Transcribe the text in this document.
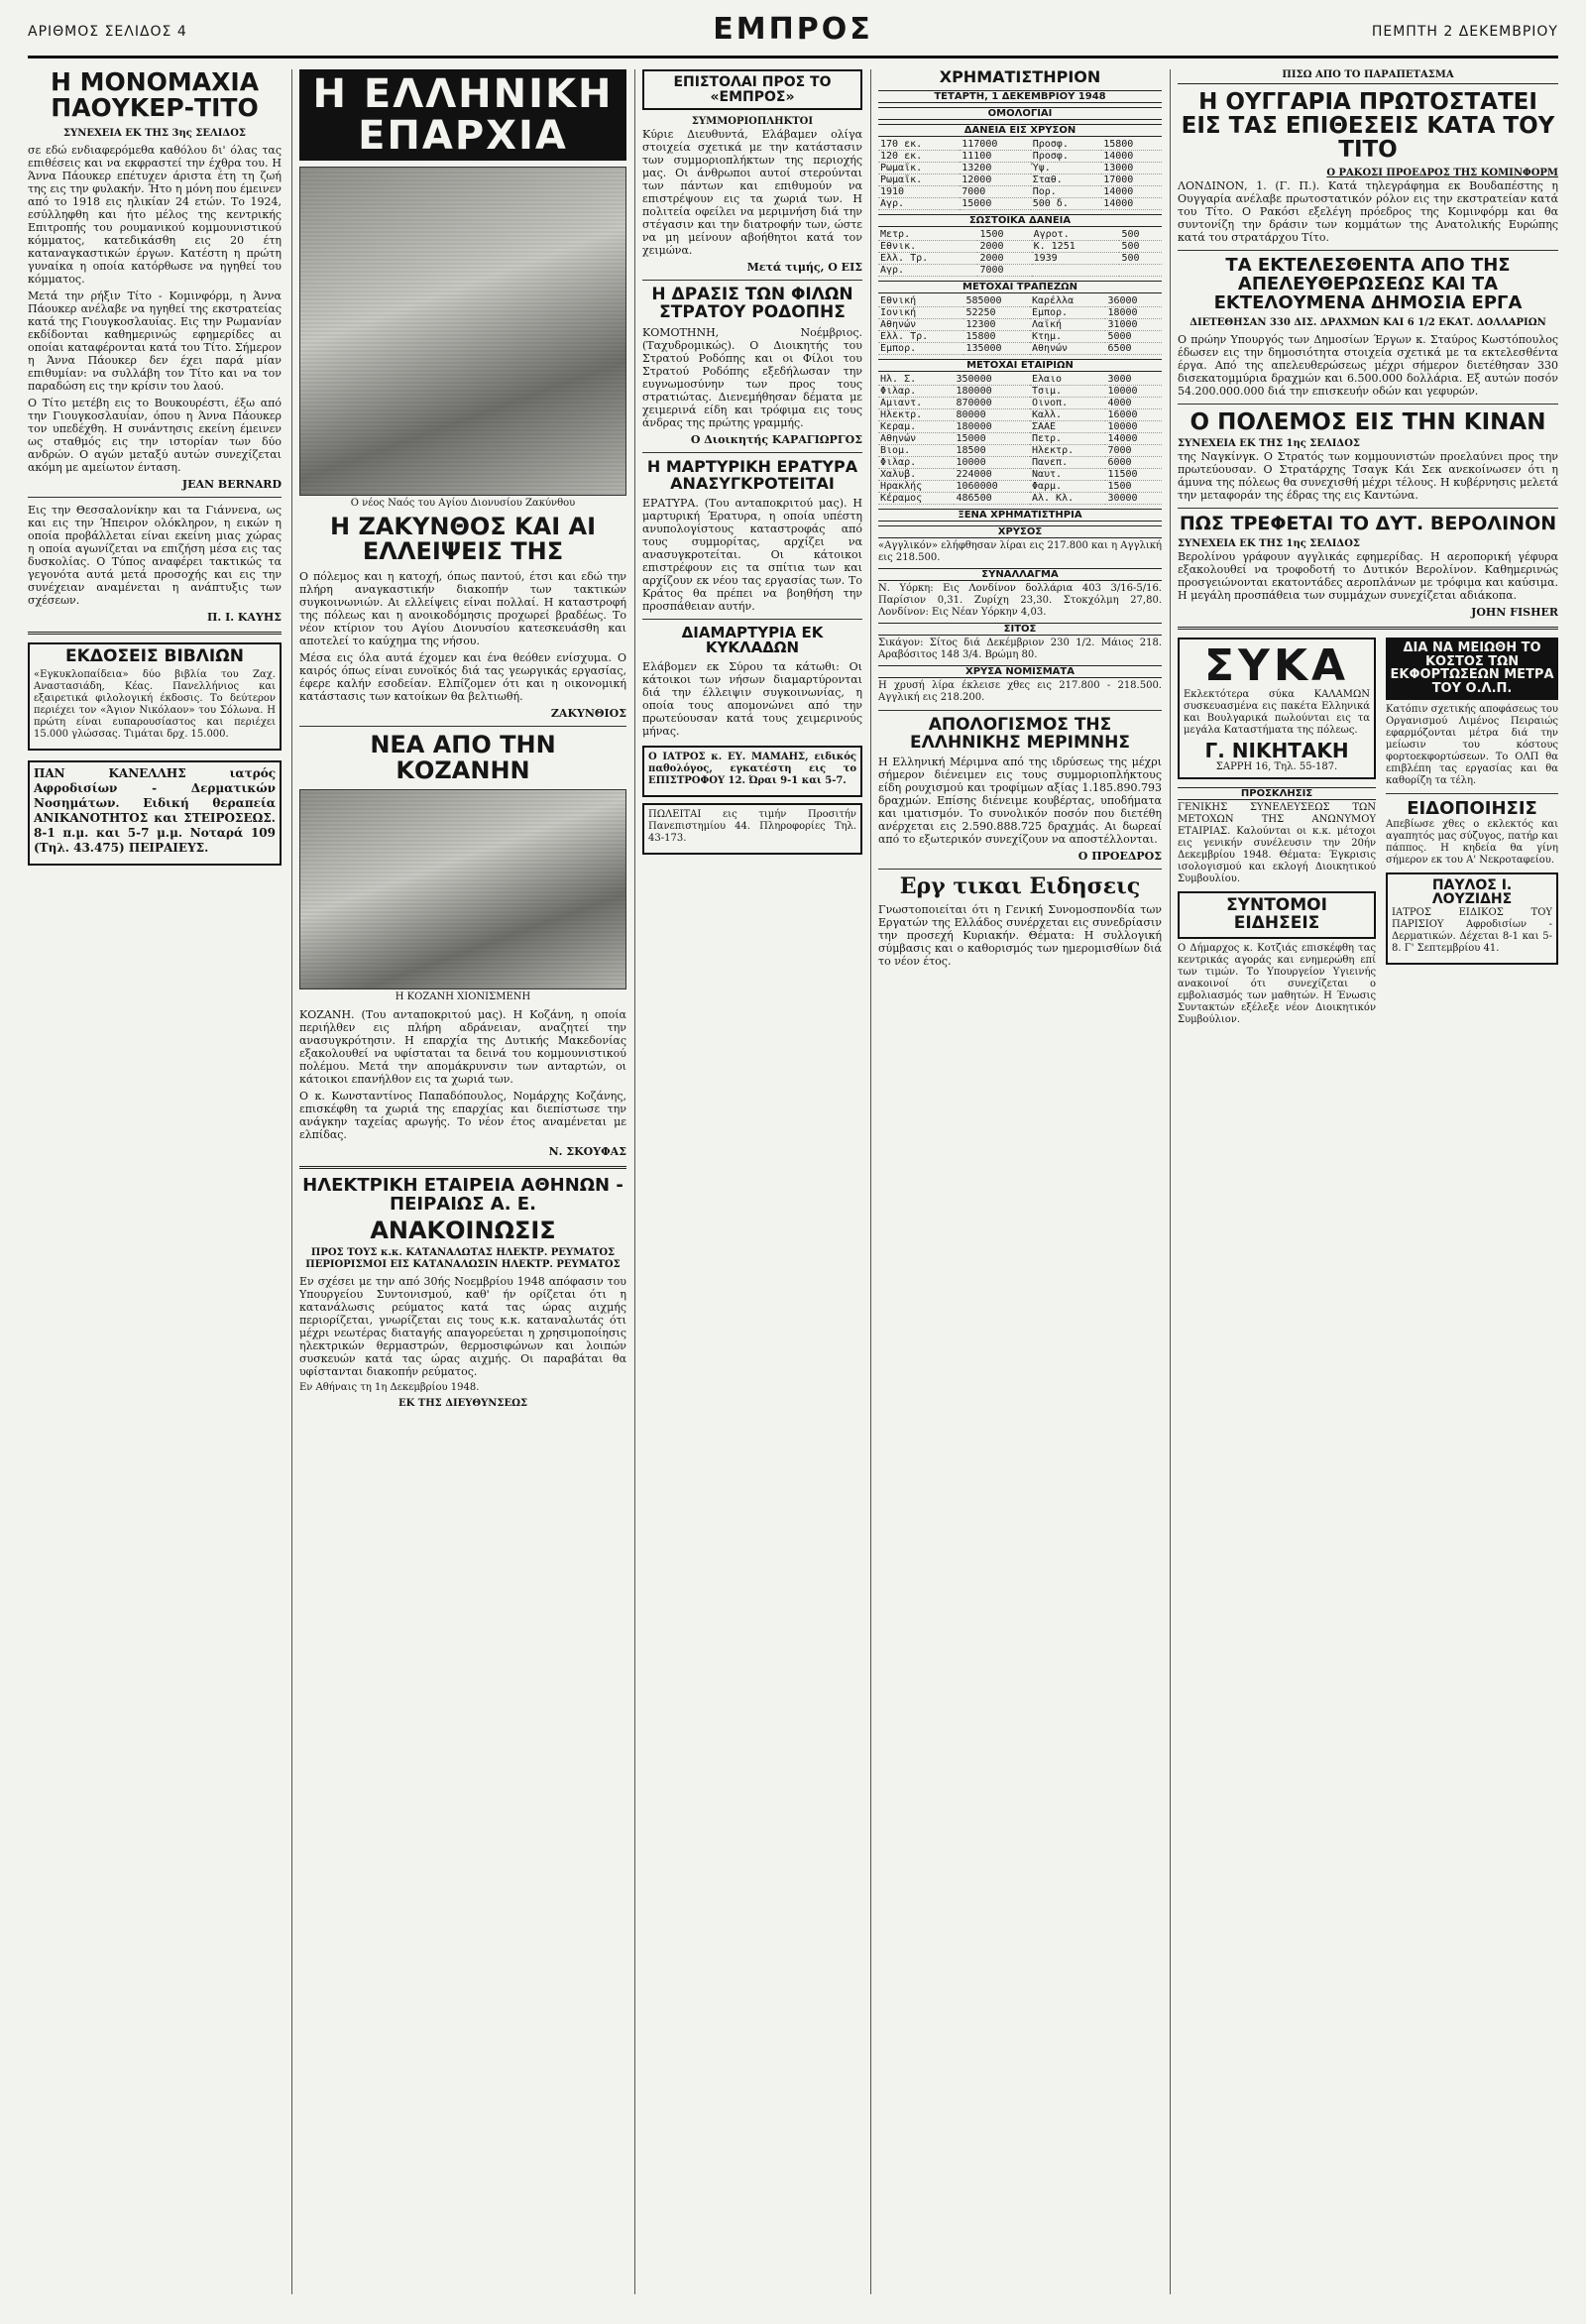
ΑΡΙΘΜΟΣ ΣΕΛΙΔΟΣ 4	ΕΜΠΡΟΣ	ΠΕΜΠΤΗ 2 ΔΕΚΕΜΒΡΙΟΥ
Η ΜΟΝΟΜΑΧΙΑ ΠΑΟΥΚΕΡ-ΤΙΤΟ
ΣΥΝΕΧΕΙΑ ΕΚ ΤΗΣ 3ης ΣΕΛΙΔΟΣ

σε εδώ ενδιαφερόμεθα καθόλου δι' όλας τας επιθέσεις και να εκφραστεί την έχθρα του. Η Άννα Πάουκερ επέτυχεν άριστα έτη τη ζωή της εις την φυλακήν. Ήτο η μόνη που έμεινεν από το 1918 εις ηλικίαν 24 ετών. Το 1924, εσύλληφθη και ήτο μέλος της κεντρικής Επιτροπής του ρουμανικού κομμουνιστικού κόμματος, κατεδικάσθη εις 20 έτη καταναγκαστικών έργων. Κατέστη η πρώτη γυναίκα η οποία κατόρθωσε να ηγηθεί του κόμματος.

Μετά την ρήξιν Τίτο - Κομινφόρμ, η Άννα Πάουκερ ανέλαβε να ηγηθεί της εκστρατείας κατά της Γιουγκοσλαυίας. Εις την Ρωμανίαν εκδίδονται καθημερινώς εφημερίδες αι οποίαι καταφέρονται κατά του Τίτο. Σήμερον η Άννα Πάουκερ δεν έχει παρά μίαν επιθυμίαν: να συλλάβη τον Τίτο και να τον παραδώση εις την κρίσιν του λαού.

Ο Τίτο μετέβη εις το Βουκουρέστι, έξω από την Γιουγκοσλαυίαν, όπου η Άννα Πάουκερ τον υπεδέχθη. Η συνάντησις εκείνη έμεινεν ως σταθμός εις την ιστορίαν των δύο ανδρών. Ο αγών μεταξύ αυτών συνεχίζεται ακόμη με αμείωτον ένταση.

JEAN BERNARD

Εις την Θεσσαλονίκην και τα Γιάννενα, ως και εις την Ήπειρον ολόκληρον, η εικών η οποία προβάλλεται είναι εκείνη μιας χώρας η οποία αγωνίζεται να επιζήση μέσα εις τας δυσκολίας. Ο Τύπος αναφέρει τακτικώς τα γεγονότα αυτά μετά προσοχής και εις την συνέχειαν αναμένεται η ανάπτυξις των σχέσεων.

Π. Ι. ΚΑΥΗΣ
ΕΚΔΟΣΕΙΣ ΒΙΒΛΙΩΝ

«Εγκυκλοπαίδεια» δύο βιβλία του Ζαχ. Αναστασιάδη, Κέας. Πανελλήνιος και εξαιρετικά φιλολογική έκδοσις. Το δεύτερον περιέχει τον «Άγιον Νικόλαον» του Σόλωνα. Η πρώτη είναι ευπαρουσίαστος και περιέχει 15.000 γλώσσας. Τιμάται δρχ. 15.000.

ΠΑΝ ΚΑΝΕΛΛΗΣ ιατρός Αφροδισίων - Δερματικών Νοσημάτων. Ειδική θεραπεία ΑΝΙΚΑΝΟΤΗΤΟΣ και ΣΤΕΙΡΟΣΕΩΣ. 8-1 π.μ. και 5-7 μ.μ. Νοταρά 109 (Τηλ. 43.475) ΠΕΙΡΑΙΕΥΣ.

Η ΕΛΛΗΝΙΚΗ ΕΠΑΡΧΙΑ
Ο νέος Ναός του Αγίου Διονυσίου Ζακύνθου
Η ΖΑΚΥΝΘΟΣ ΚΑΙ ΑΙ ΕΛΛΕΙΨΕΙΣ ΤΗΣ

Ο πόλεμος και η κατοχή, όπως παντού, έτσι και εδώ την πλήρη αναγκαστικήν διακοπήν των τακτικών συγκοινωνιών. Αι ελλείψεις είναι πολλαί. Η καταστροφή της πόλεως και η ανοικοδόμησις προχωρεί βραδέως. Το νέον κτίριον του Αγίου Διονυσίου κατεσκευάσθη και αποτελεί το καύχημα της νήσου.

Μέσα εις όλα αυτά έχομεν και ένα θεόθεν ενίσχυμα. Ο καιρός όπως είναι ευνοϊκός διά τας γεωργικάς εργασίας, έφερε καλήν εσοδείαν. Ελπίζομεν ότι και η οικονομική κατάστασις των κατοίκων θα βελτιωθή.

ΖΑΚΥΝΘΙΟΣ
ΝΕΑ ΑΠΟ ΤΗΝ ΚΟΖΑΝΗΝ
Η ΚΟΖΑΝΗ ΧΙΟΝΙΣΜΕΝΗ

ΚΟΖΑΝΗ. (Του ανταποκριτού μας). Η Κοζάνη, η οποία περιήλθεν εις πλήρη αδράνειαν, αναζητεί την ανασυγκρότησιν. Η επαρχία της Δυτικής Μακεδονίας εξακολουθεί να υφίσταται τα δεινά του κομμουνιστικού πολέμου. Μετά την απομάκρυνσιν των ανταρτών, οι κάτοικοι επανήλθον εις τα χωριά των.

Ο κ. Κωνσταντίνος Παπαδόπουλος, Νομάρχης Κοζάνης, επισκέφθη τα χωριά της επαρχίας και διεπίστωσε την ανάγκην ταχείας αρωγής. Το νέον έτος αναμένεται με ελπίδας.

Ν. ΣΚΟΥΦΑΣ
ΗΛΕΚΤΡΙΚΗ ΕΤΑΙΡΕΙΑ ΑΘΗΝΩΝ - ΠΕΙΡΑΙΩΣ Α. Ε.
ΑΝΑΚΟΙΝΩΣΙΣ
ΠΡΟΣ ΤΟΥΣ κ.κ. ΚΑΤΑΝΑΛΩΤΑΣ ΗΛΕΚΤΡ. ΡΕΥΜΑΤΟΣ
ΠΕΡΙΟΡΙΣΜΟΙ ΕΙΣ ΚΑΤΑΝΑΛΩΣΙΝ ΗΛΕΚΤΡ. ΡΕΥΜΑΤΟΣ

Εν σχέσει με την από 30ής Νοεμβρίου 1948 απόφασιν του Υπουργείου Συντονισμού, καθ' ήν ορίζεται ότι η κατανάλωσις ρεύματος κατά τας ώρας αιχμής περιορίζεται, γνωρίζεται εις τους κ.κ. καταναλωτάς ότι μέχρι νεωτέρας διαταγής απαγορεύεται η χρησιμοποίησις ηλεκτρικών θερμαστρών, θερμοσιφώνων και λοιπών συσκευών κατά τας ώρας αιχμής. Οι παραβάται θα υφίστανται διακοπήν ρεύματος.

Εν Αθήναις τη 1η Δεκεμβρίου 1948.
ΕΚ ΤΗΣ ΔΙΕΥΘΥΝΣΕΩΣ
ΕΠΙΣΤΟΛΑΙ ΠΡΟΣ ΤΟ «ΕΜΠΡΟΣ»
ΣΥΜΜΟΡΙΟΠΛΗΚΤΟΙ

Κύριε Διευθυντά, Ελάβαμεν ολίγα στοιχεία σχετικά με την κατάστασιν των συμμοριοπλήκτων της περιοχής μας. Οι άνθρωποι αυτοί στερούνται των πάντων και επιθυμούν να επιστρέψουν εις τα χωριά των. Η πολιτεία οφείλει να μεριμνήση διά την στέγασιν και την διατροφήν των, ώστε να μη μείνουν αβοήθητοι κατά τον χειμώνα.

Μετά τιμής, Ο ΕΙΣ
Η ΔΡΑΣΙΣ ΤΩΝ ΦΙΛΩΝ ΣΤΡΑΤΟΥ ΡΟΔΟΠΗΣ

ΚΟΜΟΤΗΝΗ, Νοέμβριος. (Ταχυδρομικώς). Ο Διοικητής του Στρατού Ροδόπης και οι Φίλοι του Στρατού Ροδόπης εξεδήλωσαν την ευγνωμοσύνην των προς τους στρατιώτας. Διενεμήθησαν δέματα με χειμερινά είδη και τρόφιμα εις τους άνδρας της πρώτης γραμμής.

Ο Διοικητής ΚΑΡΑΓΙΩΡΓΟΣ
Η ΜΑΡΤΥΡΙΚΗ ΕΡΑΤΥΡΑ ΑΝΑΣΥΓΚΡΟΤΕΙΤΑΙ

ΕΡΑΤΥΡΑ. (Του ανταποκριτού μας). Η μαρτυρική Έρατυρα, η οποία υπέστη ανυπολογίστους καταστροφάς από τους συμμορίτας, αρχίζει να ανασυγκροτείται. Οι κάτοικοι επιστρέφουν εις τα σπίτια των και αρχίζουν εκ νέου τας εργασίας των. Το Κράτος θα πρέπει να βοηθήση την προσπάθειαν αυτήν.

ΔΙΑΜΑΡΤΥΡΙΑ ΕΚ ΚΥΚΛΑΔΩΝ

Ελάβομεν εκ Σύρου τα κάτωθι: Οι κάτοικοι των νήσων διαμαρτύρονται διά την έλλειψιν συγκοινωνίας, η οποία τους απομονώνει από την πρωτεύουσαν κατά τους χειμερινούς μήνας.

Ο ΙΑΤΡΟΣ κ. ΕΥ. ΜΑΜΑΗΣ, ειδικός παθολόγος, εγκατέστη εις το ΕΠΙΣΤΡΟΦΟΥ 12. Ώραι 9-1 και 5-7.

ΠΩΛΕΙΤΑΙ εις τιμήν Προσιτήν Πανεπιστημίου 44. Πληροφορίες Τηλ. 43-173.

ΧΡΗΜΑΤΙΣΤΗΡΙΟΝ
ΤΕΤΑΡΤΗ, 1 ΔΕΚΕΜΒΡΙΟΥ 1948
ΟΜΟΛΟΓΙΑΙ
ΔΑΝΕΙΑ ΕΙΣ ΧΡΥΣΟΝ
170 εκ.	117000	Προσφ.	15800
120 εκ.	11100	Προσφ.	14000
Ρωμαϊκ.	13200	Ύψ.	13000
Ρωμαϊκ.	12000	Σταθ.	17000
1910	7000	Πορ.	14000
Αγρ.	15000	500 δ.	14000
ΣΩΣΤΟΙΚΑ ΔΑΝΕΙΑ
Μετρ.	1500	Αγροτ.	500
Εθνικ.	2000	Κ. 1251	500
Ελλ. Τρ.	2000	1939	500
Αγρ.	7000		
ΜΕΤΟΧΑΙ ΤΡΑΠΕΖΩΝ
Εθνική	585000	Καρέλλα	36000
Ιονική	52250	Εμπορ.	18000
Αθηνών	12300	Λαϊκή	31000
Ελλ. Τρ.	15800	Κτημ.	5000
Εμπορ.	135000	Αθηνών	6500
ΜΕΤΟΧΑΙ ΕΤΑΙΡΙΩΝ
Ηλ. Σ.	350000	Ελαιο	3000
Φιλαρ.	180000	Τσιμ.	10000
Αμιαντ.	870000	Οινοπ.	4000
Ηλεκτρ.	80000	Καλλ.	16000
Κεραμ.	180000	ΣΑΑΕ	10000
Αθηνών	15000	Πετρ.	14000
Βιομ.	18500	Ηλεκτρ.	7000
Φιλαρ.	10000	Πανεπ.	6000
Χαλυβ.	224000	Ναυτ.	11500
Ηρακλής	1060000	Φαρμ.	1500
Κέραμος	486500	Αλ. Κλ.	30000
ΞΕΝΑ ΧΡΗΜΑΤΙΣΤΗΡΙΑ
ΧΡΥΣΟΣ

«Αγγλικόν» ελήφθησαν λίραι εις 217.800 και η Αγγλική εις 218.500.

ΣΥΝΑΛΛΑΓΜΑ

Ν. Υόρκη: Εις Λονδίνον δολλάρια 403 3/16-5/16. Παρίσιον 0,31. Ζυρίχη 23,30. Στοκχόλμη 27,80. Λονδίνον: Εις Νέαν Υόρκην 4,03.

ΣΙΤΟΣ

Σικάγον: Σίτος διά Δεκέμβριον 230 1/2. Μάιος 218. Αραβόσιτος 148 3/4. Βρώμη 80.

ΧΡΥΣΑ ΝΟΜΙΣΜΑΤΑ

Η χρυσή λίρα έκλεισε χθες εις 217.800 - 218.500. Αγγλική εις 218.200.

ΑΠΟΛΟΓΙΣΜΟΣ ΤΗΣ ΕΛΛΗΝΙΚΗΣ ΜΕΡΙΜΝΗΣ

Η Ελληνική Μέριμνα από της ιδρύσεως της μέχρι σήμερον διένειμεν εις τους συμμοριοπλήκτους είδη ρουχισμού και τροφίμων αξίας 1.185.890.793 δραχμών. Επίσης διένειμε κουβέρτας, υποδήματα και ιματισμόν. Το συνολικόν ποσόν που διετέθη ανέρχεται εις 2.590.888.725 δραχμάς. Αι δωρεαί από το εξωτερικόν συνεχίζουν να αποστέλλονται.

Ο ΠΡΟΕΔΡΟΣ
Εργ τικαι Ειδησεις

Γνωστοποιείται ότι η Γενική Συνομοσπονδία των Εργατών της Ελλάδος συνέρχεται εις συνεδρίασιν την προσεχή Κυριακήν. Θέματα: Η συλλογική σύμβασις και ο καθορισμός των ημερομισθίων διά το νέον έτος.

ΠΙΣΩ ΑΠΟ ΤΟ ΠΑΡΑΠΕΤΑΣΜΑ
Η ΟΥΓΓΑΡΙΑ ΠΡΩΤΟΣΤΑΤΕΙ ΕΙΣ ΤΑΣ ΕΠΙΘΕΣΕΙΣ ΚΑΤΑ ΤΟΥ ΤΙΤΟ
Ο ΡΑΚΟΣΙ ΠΡΟΕΔΡΟΣ ΤΗΣ ΚΟΜΙΝΦΟΡΜ

ΛΟΝΔΙΝΟΝ, 1. (Γ. Π.). Κατά τηλεγράφημα εκ Βουδαπέστης η Ουγγαρία ανέλαβε πρωτοστατικόν ρόλον εις την εκστρατείαν κατά του Τίτο. Ο Ρακόσι εξελέγη πρόεδρος της Κομινφόρμ και θα συντονίζη την δράσιν των κομμάτων της Ανατολικής Ευρώπης κατά του στρατάρχου Τίτο.

ΤΑ ΕΚΤΕΛΕΣΘΕΝΤΑ ΑΠΟ ΤΗΣ ΑΠΕΛΕΥΘΕΡΩΣΕΩΣ ΚΑΙ ΤΑ ΕΚΤΕΛΟΥΜΕΝΑ ΔΗΜΟΣΙΑ ΕΡΓΑ
ΔΙΕΤΕΘΗΣΑΝ 330 ΔΙΣ. ΔΡΑΧΜΩΝ ΚΑΙ 6 1/2 ΕΚΑΤ. ΔΟΛΛΑΡΙΩΝ

Ο πρώην Υπουργός των Δημοσίων Έργων κ. Σταύρος Κωστόπουλος έδωσεν εις την δημοσιότητα στοιχεία σχετικά με τα εκτελεσθέντα έργα. Από της απελευθερώσεως μέχρι σήμερον διετέθησαν 330 δισεκατομμύρια δραχμών και 6.500.000 δολλάρια. Εξ αυτών ποσόν 54.200.000.000 διά την επισκευήν οδών και γεφυρών.

Ο ΠΟΛΕΜΟΣ ΕΙΣ ΤΗΝ ΚΙΝΑΝ
ΣΥΝΕΧΕΙΑ ΕΚ ΤΗΣ 1ης ΣΕΛΙΔΟΣ

της Ναγκίνγκ. Ο Στρατός των κομμουνιστών προελαύνει προς την πρωτεύουσαν. Ο Στρατάρχης Τσαγκ Κάι Σεκ ανεκοίνωσεν ότι η άμυνα της πόλεως θα συνεχισθή μέχρι τέλους. Η κυβέρνησις μελετά την μεταφοράν της έδρας της εις Καντώνα.

ΠΩΣ ΤΡΕΦΕΤΑΙ ΤΟ ΔΥΤ. ΒΕΡΟΛΙΝΟΝ
ΣΥΝΕΧΕΙΑ ΕΚ ΤΗΣ 1ης ΣΕΛΙΔΟΣ

Βερολίνου γράφουν αγγλικάς εφημερίδας. Η αεροπορική γέφυρα εξακολουθεί να τροφοδοτή το Δυτικόν Βερολίνον. Καθημερινώς προσγειώνονται εκατοντάδες αεροπλάνων με τρόφιμα και καύσιμα. Η μεγάλη προσπάθεια των συμμάχων συνεχίζεται αδιάκοπα.

JOHN FISHER
ΣΥΚΑ

Εκλεκτότερα σύκα ΚΑΛΑΜΩΝ συσκευασμένα εις πακέτα Ελληνικά και Βουλγαρικά πωλούνται εις τα μεγάλα Καταστήματα της πόλεως.

Γ. ΝΙΚΗΤΑΚΗ
ΣΑΡΡΗ 16, Τηλ. 55-187.
ΠΡΟΣΚΛΗΣΙΣ

ΓΕΝΙΚΗΣ ΣΥΝΕΛΕΥΣΕΩΣ ΤΩΝ ΜΕΤΟΧΩΝ ΤΗΣ ΑΝΩΝΥΜΟΥ ΕΤΑΙΡΙΑΣ. Καλούνται οι κ.κ. μέτοχοι εις γενικήν συνέλευσιν την 20ήν Δεκεμβρίου 1948. Θέματα: Έγκρισις ισολογισμού και εκλογή Διοικητικού Συμβουλίου.

ΣΥΝΤΟΜΟΙ ΕΙΔΗΣΕΙΣ

Ο Δήμαρχος κ. Κοτζιάς επισκέφθη τας κεντρικάς αγοράς και ενημερώθη επί των τιμών. Το Υπουργείον Υγιεινής ανακοινοί ότι συνεχίζεται ο εμβολιασμός των μαθητών. Η Ένωσις Συντακτών εξέλεξε νέον Διοικητικόν Συμβούλιον.

ΔΙΑ ΝΑ ΜΕΙΩΘΗ ΤΟ ΚΟΣΤΟΣ ΤΩΝ ΕΚΦΟΡΤΩΣΕΩΝ ΜΕΤΡΑ ΤΟΥ Ο.Λ.Π.

Κατόπιν σχετικής αποφάσεως του Οργανισμού Λιμένος Πειραιώς εφαρμόζονται μέτρα διά την μείωσιν του κόστους φορτοεκφορτώσεων. Το ΟΛΠ θα επιβλέπη τας εργασίας και θα καθορίζη τα τέλη.

ΕΙΔΟΠΟΙΗΣΙΣ

Απεβίωσε χθες ο εκλεκτός και αγαπητός μας σύζυγος, πατήρ και πάππος. Η κηδεία θα γίνη σήμερον εκ του Α' Νεκροταφείου.

ΠΑΥΛΟΣ Ι. ΛΟΥΖΙΔΗΣ

ΙΑΤΡΟΣ ΕΙΔΙΚΟΣ ΤΟΥ ΠΑΡΙΣΙΟΥ Αφροδισίων - Δερματικών. Δέχεται 8-1 και 5-8. Γ' Σεπτεμβρίου 41.
